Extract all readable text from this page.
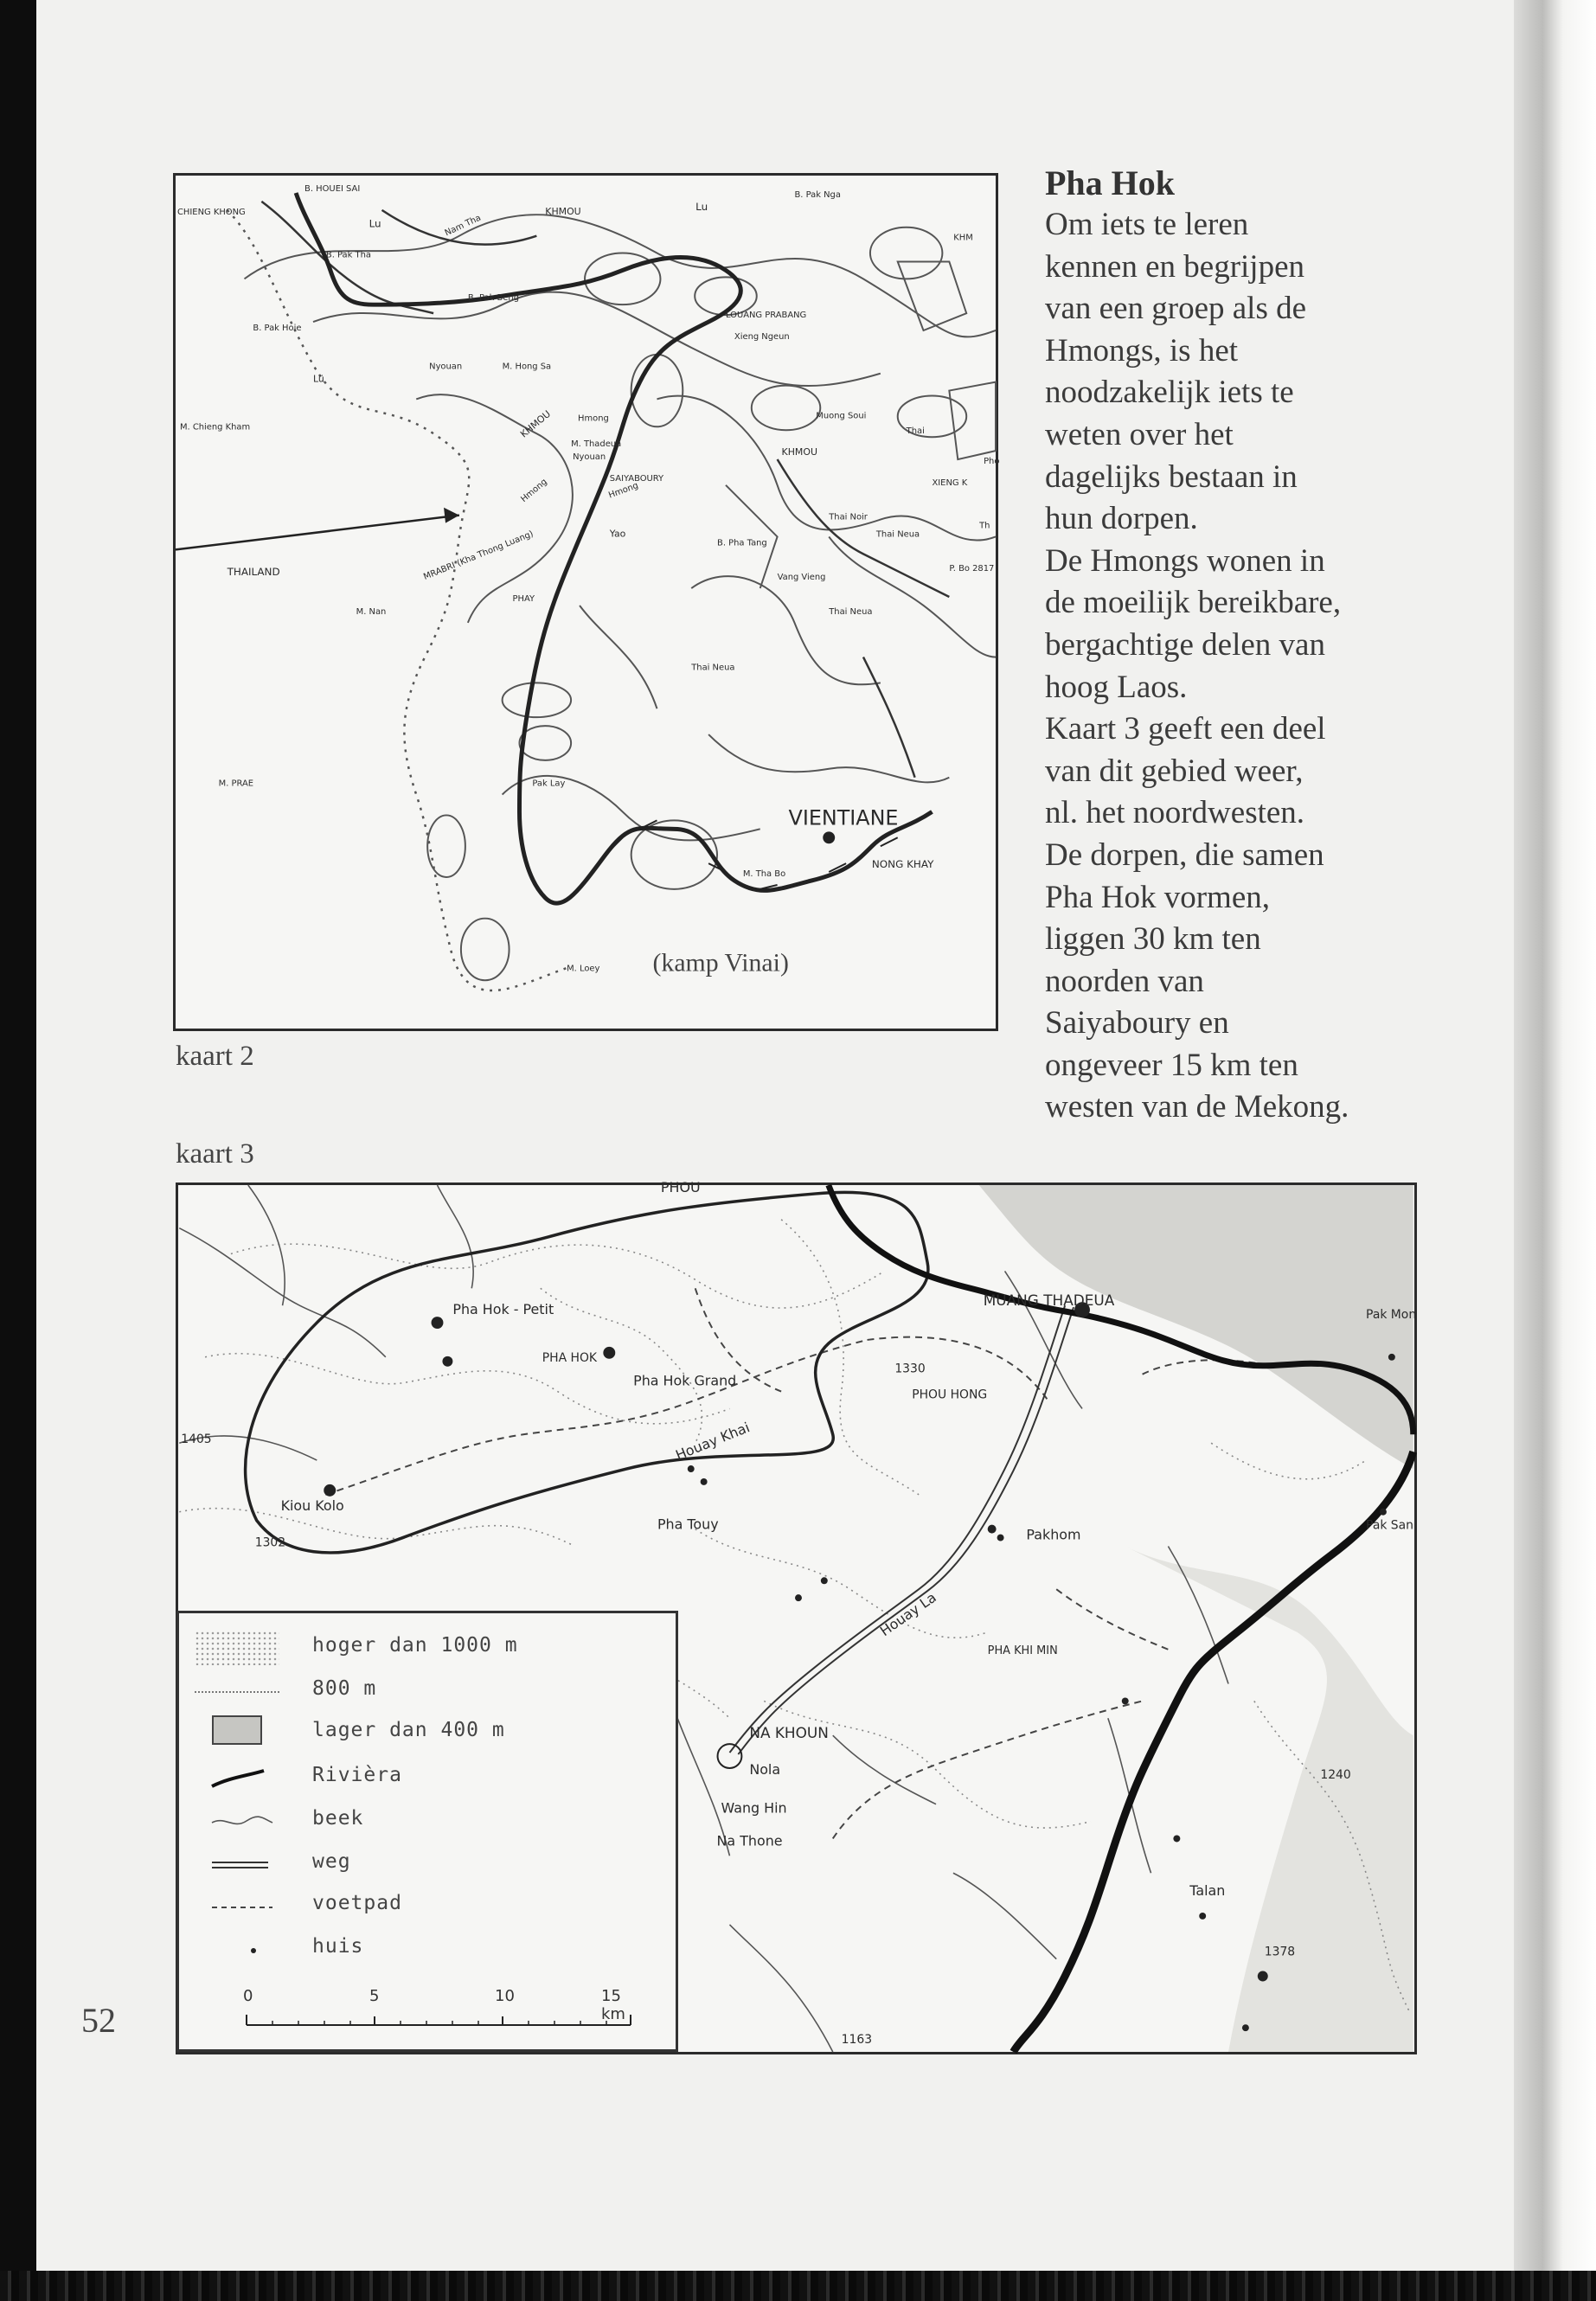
B. HOUEI SAI
CHIENG KHONG	KHMOU	Lu
Lu	Nam Tha
B. Pak Tha
B. Pak Beng
B. Pak Hoie
Nyouan	M. Hong Sa
Lü
M. Chieng Kham	KHMOU	Hmong
M. Thadeua
Nyouan
SAIYABOURY
Hmong	Hmong
Yao
MRABRI (Kha Thong Luang)
THAILAND
M. Nan
PHAY
Thai Neua
M. PRAE	Pak Lay
LOUANG PRABANG
Xieng Ngeun
Muong Soui
KHMOU
Thai
XIENG K
Pho
Thai Noir
B. Pha Tang
Thai Neua
Vang Vieng
Thai Neua
P. Bo 2817
Th
KHM
B. Pak Nga
VIENTIANE
NONG KHAY
M. Tha Bo
M. Loey (kamp Vinai)
kaart 2
kaart 3
PHOU
Pha Hok - Petit
PHA HOK
Pha Hok Grand
1330
PHOU HONG
MUANG THADEUA
Pak Mon
1405	Houay Khai
Kiou Kolo
1302
Pha Touy
Pakhom
Pak San
Houay La
PHA KHI MIN
NA KHOUN
Nola
Wang Hin
Na Thone
1240
Talan
1378
1163
hoger dan 1000 m
800 m
lager dan 400 m
Rivièra
beek
weg
voetpad
huis
0	5	10	15 km
Pha Hok

Om iets te leren
kennen en begrijpen
van een groep als de
Hmongs, is het
noodzakelijk iets te
weten over het
dagelijks bestaan in
hun dorpen.
De Hmongs wonen in
de moeilijk bereikbare,
bergachtige delen van
hoog Laos.
Kaart 3 geeft een deel
van dit gebied weer,
nl. het noordwesten.
De dorpen, die samen
Pha Hok vormen,
liggen 30 km ten
noorden van
Saiyaboury en
ongeveer 15 km ten
westen van de Mekong.

52
